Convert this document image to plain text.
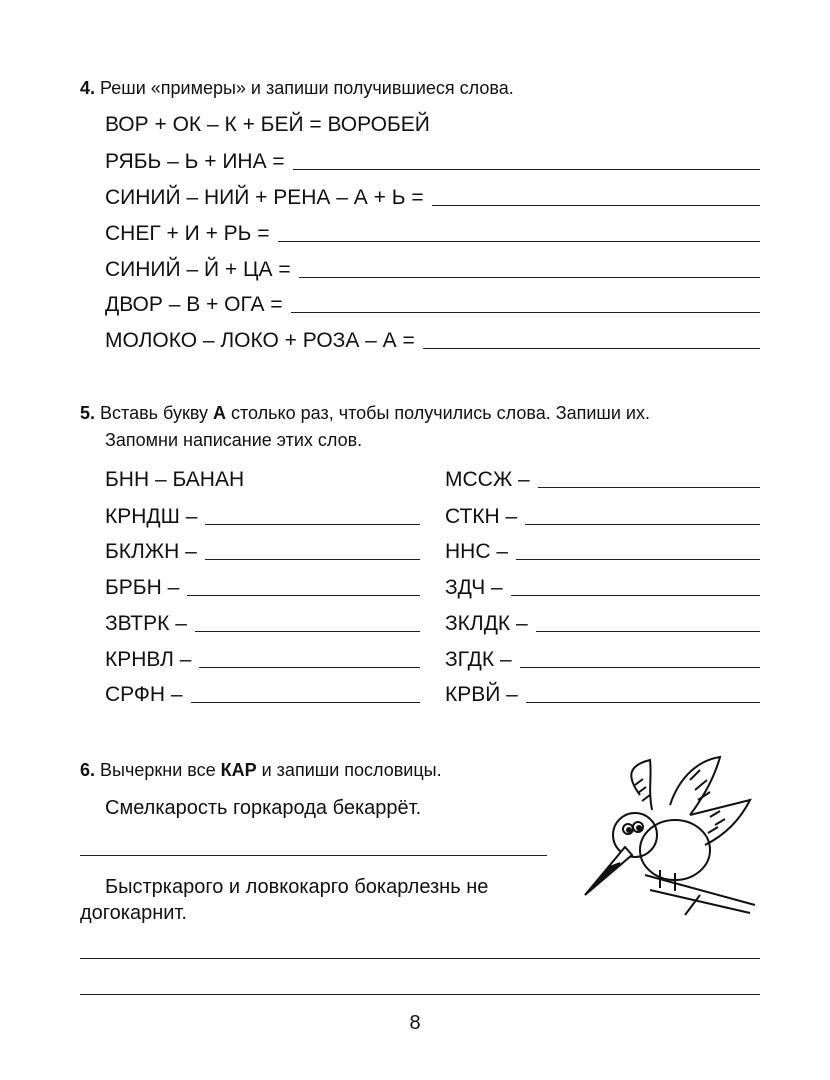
4. Реши «примеры» и запиши получившиеся слова.
ВОР + ОК – К + БЕЙ = ВОРОБЕЙ
РЯБЬ – Ь + ИНА =
СИНИЙ – НИЙ + РЕНА – А + Ь =
СНЕГ + И + РЬ =
СИНИЙ – Й + ЦА =
ДВОР – В + ОГА =
МОЛОКО – ЛОКО + РОЗА – А =
5. Вставь букву А столько раз, чтобы получились слова. Запиши их.
Запомни написание этих слов.
БНН – БАНАН	МССЖ –
КРНДШ –	СТКН –
БКЛЖН –	ННС –
БРБН –	ЗДЧ –
ЗВТРК –	ЗКЛДК –
КРНВЛ –	ЗГДК –
СРФН –	КРВЙ –
6. Вычеркни все КАР и запиши пословицы.
Смелкарость горкарода бекаррёт.
Быстркарого и ловкокарго бокарлезнь не
догокарнит.
8
